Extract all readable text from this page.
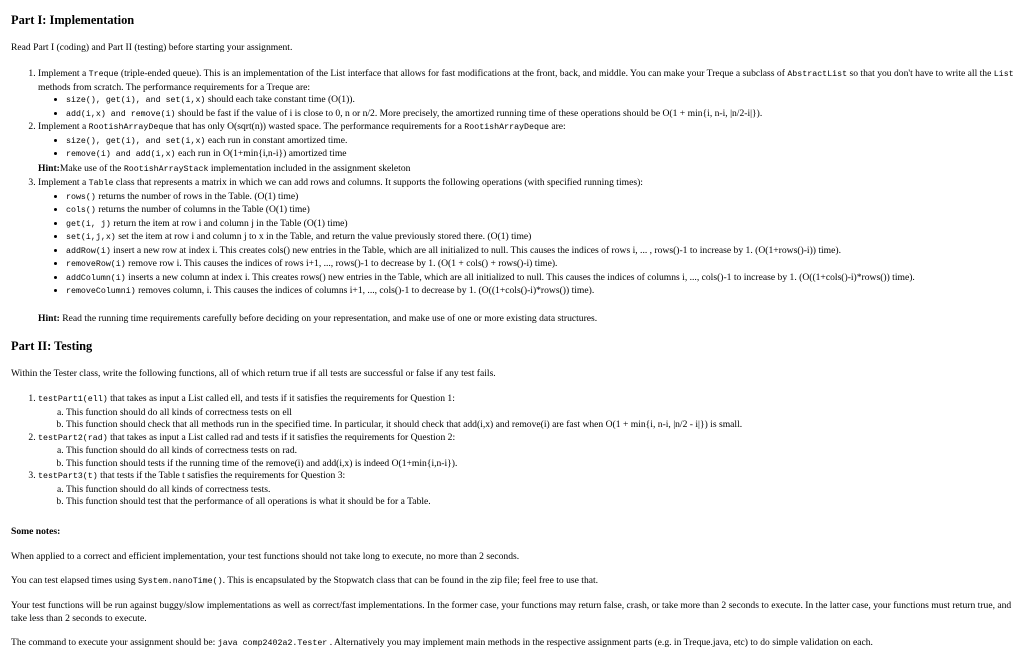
Part I: Implementation

Read Part I (coding) and Part II (testing) before starting your assignment.

1. Implement a Treque (triple-ended queue). This is an implementation of the List interface that allows for fast modifications at the front, back, and middle. You can make your Treque a subclass of AbstractList so that you don't have to write all the List methods from scratch. The performance requirements for a Treque are:
• size(), get(i), and set(i,x) should each take constant time (O(1)).
• add(i,x) and remove(i) should be fast if the value of i is close to 0, n or n/2. More precisely, the amortized running time of these operations should be O(1 + min{i, n-i, |n/2-i|}).
2. Implement a RootishArrayDeque that has only O(sqrt(n)) wasted space. The performance requirements for a RootishArrayDeque are:
• size(), get(i), and set(i,x) each run in constant amortized time.
• remove(i) and add(i,x) each run in O(1+min{i,n-i}) amortized time

Hint:Make use of the RootishArrayStack implementation included in the assignment skeleton

3. Implement a Table class that represents a matrix in which we can add rows and columns. It supports the following operations (with specified running times):
• rows() returns the number of rows in the Table. (O(1) time)
• cols() returns the number of columns in the Table (O(1) time)
• get(i, j) return the item at row i and column j in the Table (O(1) time)
• set(i,j,x) set the item at row i and column j to x in the Table, and return the value previously stored there. (O(1) time)
• addRow(i) insert a new row at index i. This creates cols() new entries in the Table, which are all initialized to null. This causes the indices of rows i, ... , rows()-1 to increase by 1. (O(1+rows()-i)) time).
• removeRow(i) remove row i. This causes the indices of rows i+1, ..., rows()-1 to decrease by 1. (O(1 + cols() + rows()-i) time).
• addColumn(i) inserts a new column at index i. This creates rows() new entries in the Table, which are all initialized to null. This causes the indices of columns i, ..., cols()-1 to increase by 1. (O((1+cols()-i)*rows()) time).
• removeColumni) removes column, i. This causes the indices of columns i+1, ..., cols()-1 to decrease by 1. (O((1+cols()-i)*rows()) time).

Hint: Read the running time requirements carefully before deciding on your representation, and make use of one or more existing data structures.

Part II: Testing

Within the Tester class, write the following functions, all of which return true if all tests are successful or false if any test fails.

1. testPart1(ell) that takes as input a List called ell, and tests if it satisfies the requirements for Question 1:
a. This function should do all kinds of correctness tests on ell
b. This function should check that all methods run in the specified time. In particular, it should check that add(i,x) and remove(i) are fast when O(1 + min{i, n-i, |n/2 - i|}) is small.
2. testPart2(rad) that takes as input a List called rad and tests if it satisfies the requirements for Question 2:
a. This function should do all kinds of correctness tests on rad.
b. This function should tests if the running time of the remove(i) and add(i,x) is indeed O(1+min{i,n-i}).
3. testPart3(t) that tests if the Table t satisfies the requirements for Question 3:
a. This function should do all kinds of correctness tests.
b. This function should test that the performance of all operations is what it should be for a Table.

Some notes:

When applied to a correct and efficient implementation, your test functions should not take long to execute, no more than 2 seconds.

You can test elapsed times using System.nanoTime(). This is encapsulated by the Stopwatch class that can be found in the zip file; feel free to use that.

Your test functions will be run against buggy/slow implementations as well as correct/fast implementations. In the former case, your functions may return false, crash, or take more than 2 seconds to execute. In the latter case, your functions must return true, and take less than 2 seconds to execute.

The command to execute your assignment should be: java comp2402a2.Tester . Alternatively you may implement main methods in the respective assignment parts (e.g. in Treque.java, etc) to do simple validation on each.
